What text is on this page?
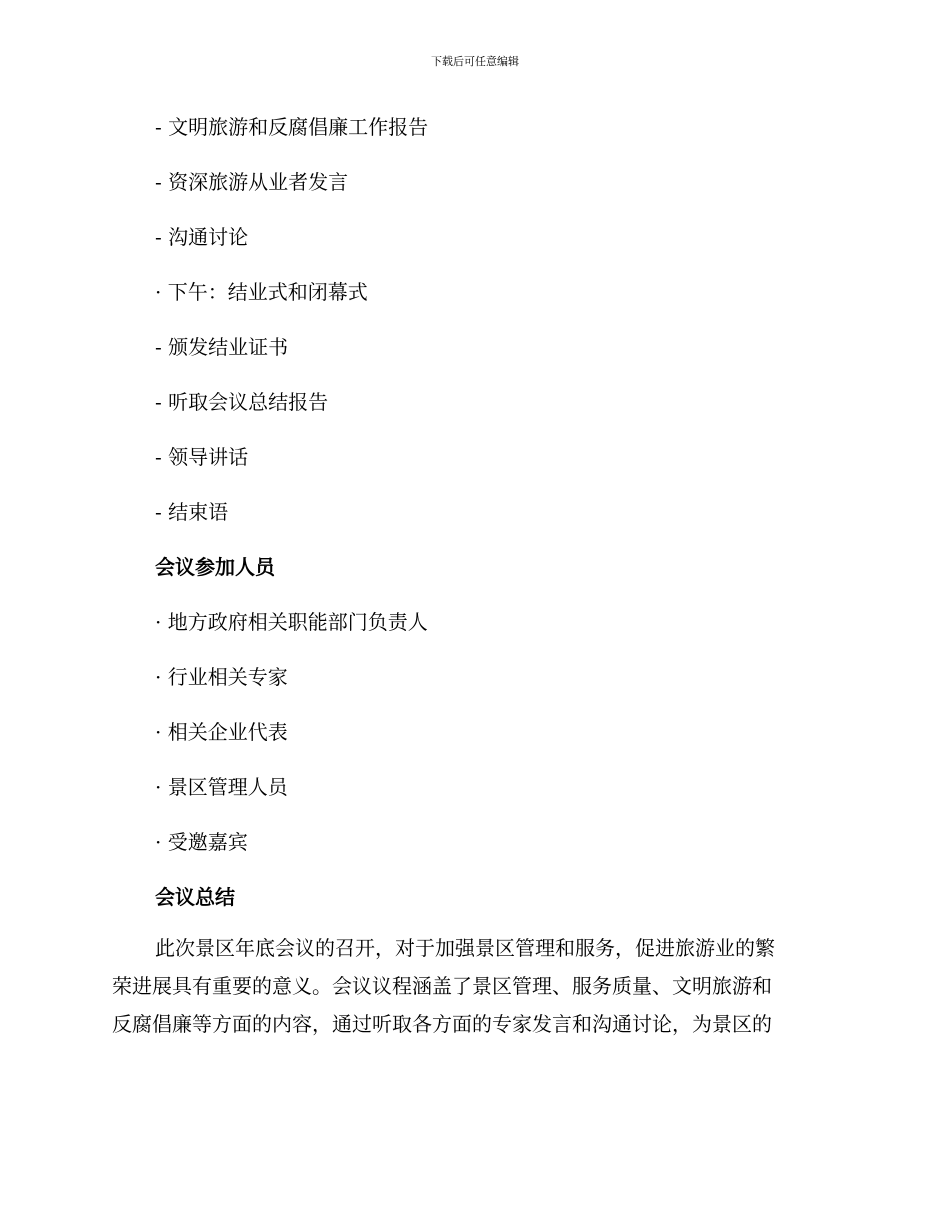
下载后可任意编辑
- 文明旅游和反腐倡廉工作报告
- 资深旅游从业者发言
- 沟通讨论
· 下午：结业式和闭幕式
- 颁发结业证书
- 听取会议总结报告
- 领导讲话
- 结束语
会议参加人员
· 地方政府相关职能部门负责人
· 行业相关专家
· 相关企业代表
· 景区管理人员
· 受邀嘉宾
会议总结
此次景区年底会议的召开，对于加强景区管理和服务，促进旅游业的繁
荣进展具有重要的意义。会议议程涵盖了景区管理、服务质量、文明旅游和
反腐倡廉等方面的内容，通过听取各方面的专家发言和沟通讨论，为景区的
